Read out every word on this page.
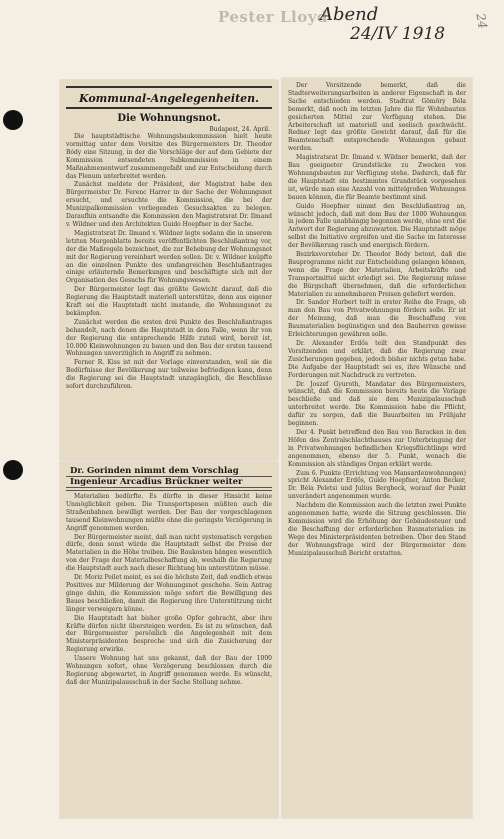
Pester Lloyd
Abend
24/IV 1918
24
Kommunal-Angelegenheiten.
Die Wohnungsnot.
Budapest, 24. April.

Die hauptstädtische Wohnungsbaukommission hielt heute vormittag unter dem Vorsitze des Bürgermeisters Dr. Theodor Bódy eine Sitzung, in der die Vorschläge der auf dem Gebiete der Kommission entsendeten Subkommission in einem Maßnahmenentwurf zusammengefaßt und zur Entscheidung durch das Plenum unterbreitet werden.

Zunächst meldete der Präsident, der Magistrat habe den Bürgermeister Dr. Ferenc Harrer in der Sache der Wohnungsnot ersucht, und ersuchte die Kommission, die bei der Munizipalkommission vorliegenden Gesuchsakten zu belegen. Daraufhin entsandte die Kommission den Magistratsrat Dr. Ilmand v. Wildner und den Architekten Guido Hoepfner in der Sache.

Magistratsrat Dr. Ilmand v. Wildner legte sodann die in unserem letzten Morgenblatte bereits veröffentlichten Beschlußantrag vor, der die Maßregeln bezeichnet, die zur Behebung der Wohnungsnot mit der Regierung vereinbart werden sollen. Dr. v. Wildner knüpfte an die einzelnen Punkte des umfangreichen Beschlußantrages einige erläuternde Bemerkungen und beschäftigte sich mit der Organisation des Gesuchs für Wohnungswesen.

Der Bürgermeister legt das größte Gewicht darauf, daß die Regierung die Hauptstadt materiell unterstütze, denn aus eigener Kraft sei die Hauptstadt nicht imstande, die Wohnungsnot zu bekämpfen.

Zunächst werden die ersten drei Punkte des Beschlußantrages behandelt, nach denen die Hauptstadt in dem Falle, wenn ihr von der Regierung die entsprechende Hilfe zuteil wird, bereit ist, 10.000 Kleinwohnungen zu bauen und den Bau der ersten tausend Wohnungen unverzüglich in Angriff zu nehmen.

Ferner R. Kiss ist mit der Vorlage einverstanden, weil sie die Bedürfnisse der Bevölkerung nur teilweise befriedigen kann, denn die Regierung sei die Hauptstadt unzugänglich, die Beschlüsse sofort durchzuführen.

Dr. Gorinden nimmt dem Vorschlag
Ingenieur Arcadius Brückner weiter

Materialien bedürfte. Es dürfte in dieser Hinsicht keine Unmöglichkeit geben. Die Transportspesen müßten auch die Straßenbahnen bewilligt werden. Der Bau der vorgeschlagenen tausend Kleinwohnungen müßte ohne die geringste Verzögerung in Angriff genommen werden.

Der Bürgermeister meint, daß man nicht systematisch vorgehen dürfe, denn sonst würde die Hauptstadt selbst die Preise der Materialien in die Höhe treiben. Die Baukosten hängen wesentlich von der Frage der Materialbeschaffung ab, weshalb die Regierung die Hauptstadt auch nach dieser Richtung hin unterstützen müsse.

Dr. Moriz Peilet meint, es sei die höchste Zeit, daß endlich etwas Positives zur Milderung der Wohnungsnot geschehe. Sein Antrag ginge dahin, die Kommission möge sofort die Bewilligung des Baues beschließen, damit die Regierung ihre Unterstützung nicht länger verweigern könne.

Die Hauptstadt hat bisher große Opfer gebracht, aber ihre Kräfte dürfen nicht übersteigen werden. Es ist zu wünschen, daß der Bürgermeister persönlich die Angelegenheit mit dem Ministerpräsidenten bespreche und sich die Zusicherung der Regierung erwirke.

Unsere Wohnung hat uns gekannt, daß der Bau der 1000 Wohnungen sofort, ohne Verzögerung beschlossen durch die Regierung abgewartet, in Angriff genommen werde. Es wünscht, daß der Munizipalausschuß in der Sache Stellung nehme.

Der Vorsitzende bemerkt, daß die Stadterweiterungsarbeiten in anderer Eigenschaft in der Sache entschieden werden. Stadtrat Gömöry Béla bemerkt, daß noch im letzten Jahre die für Wohnbauten gesicherten Mittel zur Verfügung stehen. Die Arbeiterschaft ist materiell und seelisch geschwächt. Redner legt das größte Gewicht darauf, daß für die Beamtenschaft entsprechende Wohnungen gebaut werden.

Magistratsrat Dr. Ilmand v. Wildner bemerkt, daß der Bau geeigneter Grundstücke zu Zwecken von Wohnungsbauten zur Verfügung stehe. Dadurch, daß für die Hauptstadt ein bestimmtes Grundstück vorgesehen ist, würde man eine Anzahl von mittelgroßen Wohnungen bauen können, die für Beamte bestimmt sind.

Guido Hoepfner nimmt den Beschlußantrag an, wünscht jedoch, daß mit dem Bau der 1000 Wohnungen in jedem Falle unabhängig begonnen werde, ohne erst die Antwort der Regierung abzuwarten. Die Hauptstadt möge selbst die Initiative ergreifen und die Sache im Interesse der Bevölkerung rasch und energisch fördern.

Bezirksvorsteher Dr. Theodor Bódy betont, daß die Bauprogramme nicht zur Entscheidung gelangen können, wenn die Frage der Materialien, Arbeitskräfte und Transportmittel nicht erledigt sei. Die Regierung müsse die Bürgschaft übernehmen, daß die erforderlichen Materialien zu annehmbaren Preisen geliefert werden.

Dr. Sandor Hurbert teilt in erster Reihe die Frage, ob man den Bau von Privatwohnungen fördern solle. Er ist der Meinung, daß man die Beschaffung von Baumaterialien begünstigen und den Bauherren gewisse Erleichterungen gewähren solle.

Dr. Alexander Erdős teilt den Standpunkt des Vorsitzenden und erklärt, daß die Regierung zwar Zusicherungen gegeben, jedoch bisher nichts getan habe. Die Aufgabe der Hauptstadt sei es, ihre Wünsche und Forderungen mit Nachdruck zu vertreten.

Dr. Joszef Gyuroth, Mandatar des Bürgermeisters, wünscht, daß die Kommission bereits heute die Vorlage beschließe und daß sie dem Munizipalausschuß unterbreitet werde. Die Kommission habe die Pflicht, dafür zu sorgen, daß die Bauarbeiten im Frühjahr beginnen.

Der 4. Punkt betreffend den Bau von Baracken in den Höfen des Zentralschlachthauses zur Unterbringung der in Privatwohnungen befindlichen Kriegsflüchtlinge wird angenommen, ebenso der 5. Punkt, wonach die Kommission als ständiges Organ erklärt werde.

Zum 6. Punkte (Errichtung von Mansardenwohnungen) spricht Alexander Erdős, Guido Hoepfner, Anton Becker, Dr. Béla Peletsi und Julius Bergbeck, worauf der Punkt unverändert angenommen wurde.

Nachdem die Kommission auch die letzten zwei Punkte angenommen hatte, wurde die Sitzung geschlossen. Die Kommission wird die Erhöhung der Gebäudesteuer und die Beschaffung der erforderlichen Baumaterialien im Wege des Ministerpräsidenten betreiben. Über den Stand der Wohnungsfrage wird der Bürgermeister dem Munizipalausschuß Bericht erstatten.
